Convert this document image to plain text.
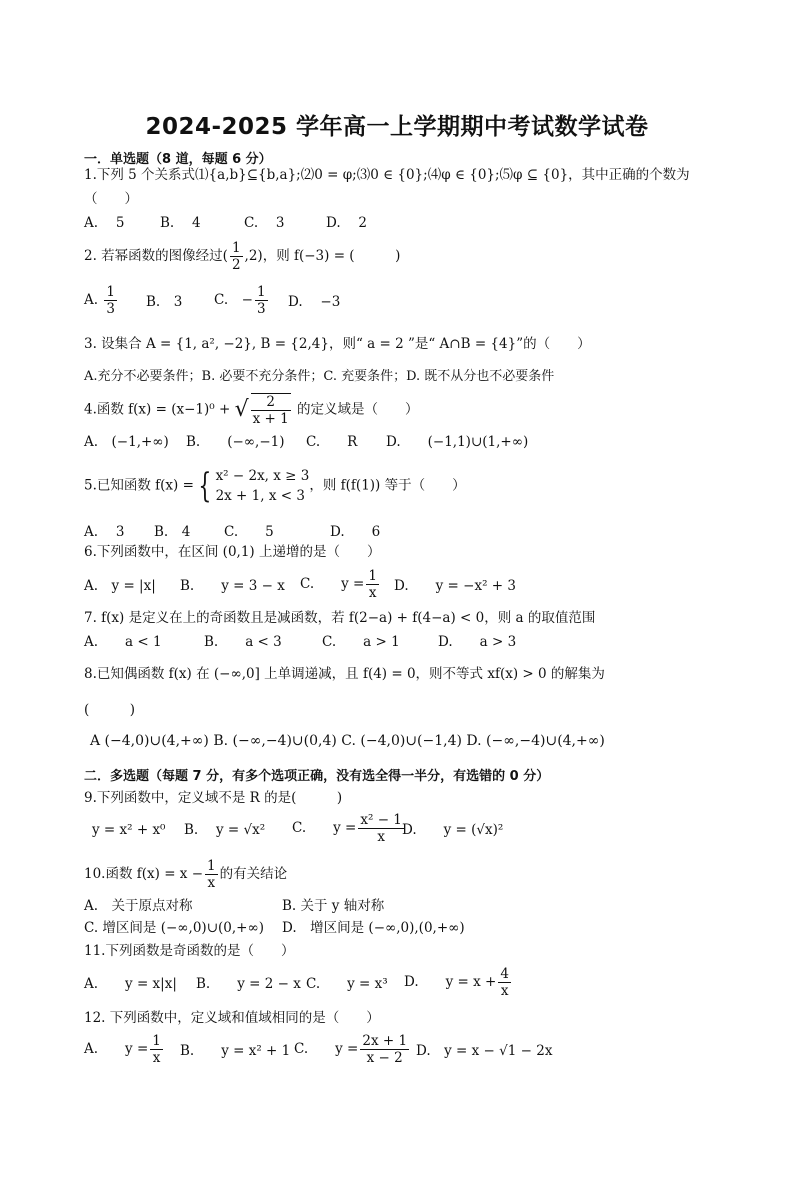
2024-2025 学年高一上学期期中考试数学试卷
一．单选题（8 道，每题 6 分）
1.下列 5 个关系式⑴{a,b}⊆{b,a};⑵0 = φ;⑶0 ∈ {0};⑷φ ∈ {0};⑸φ ⊆ {0}，其中正确的个数为
（　　）
A.　 5	B.　 4	C.　 3	D.　 2
2. 若幂函数的图像经过( $\frac{1}{2} ,2$)，则 f(−3) = (　　　)
A. $\frac{1}{3} B$.　3 C.　− $\frac{1}{3} D$.　 −3
3. 设集合 A = {1, a², −2}, B = {2,4}，则“ a = 2 ”是“ A∩B = {4}”的（　　）
A.充分不必要条件；B. 必要不充分条件；C. 充要条件；D. 既不从分也不必要条件
4.函数 f(x) = (x−1)⁰ + √ $\frac{2}{x + 1}$ 的定义域是（　　）
A.　(−1,+∞) B.　　(−∞,−1) C.　　R D.　　(−1,1)∪(1,+∞)
5.已知函数 f(x) = { x² − 2x, x ≥ 3
2x + 1, x < 3
，则 f(f(1)) 等于（　　）
A.　 3 B.　4 C.　　5	D.　　6
6.下列函数中，在区间 (0,1) 上递增的是（　　）
A.　y = |x| B.　　y = 3 − x C.　　$y = \frac{1}{x} D$.　　y = −x² + 3
7. f(x) 是定义在上的奇函数且是减函数，若 f(2−a) + f(4−a) < 0，则 a 的取值范围
A.　　a < 1	B.　　a < 3	C.　　a > 1	D.　　a > 3
8.已知偶函数 f(x) 在 (−∞,0] 上单调递减，且 f(4) = 0，则不等式 xf(x) > 0 的解集为
(　　　)
A (−4,0)∪(4,+∞) B. (−∞,−4)∪(0,4) C. (−4,0)∪(−1,4) D. (−∞,−4)∪(4,+∞)
二．多选题（每题 7 分，有多个选项正确，没有选全得一半分，有选错的 0 分）
9.下列函数中，定义域不是 R 的是(　　　)
y = x² + x⁰ B.　 y = √x² C.　　$y = \frac{\text{x² − 1}}{x}$
D.　　y = (√x)²
10.函数 $f(x) = x - \frac{1}{x}$ 的有关结论
A.　关于原点对称	B. 关于 y 轴对称
C. 增区间是 (−∞,0)∪(0,+∞) D.　增区间是 (−∞,0),(0,+∞)
11.下列函数是奇函数的是（　　）
A.　　y = x|x| B.　　y = 2 − x C.　　y = x³ D.　　$y = x + \frac{4}{x}$
12. 下列函数中，定义域和值域相同的是（　　）
A.　　$y = \frac{1}{x} B$.　　y = x² + 1 C.　　$y = \frac{2x + 1}{x - 2} D$.　y = x − √1 − 2x
